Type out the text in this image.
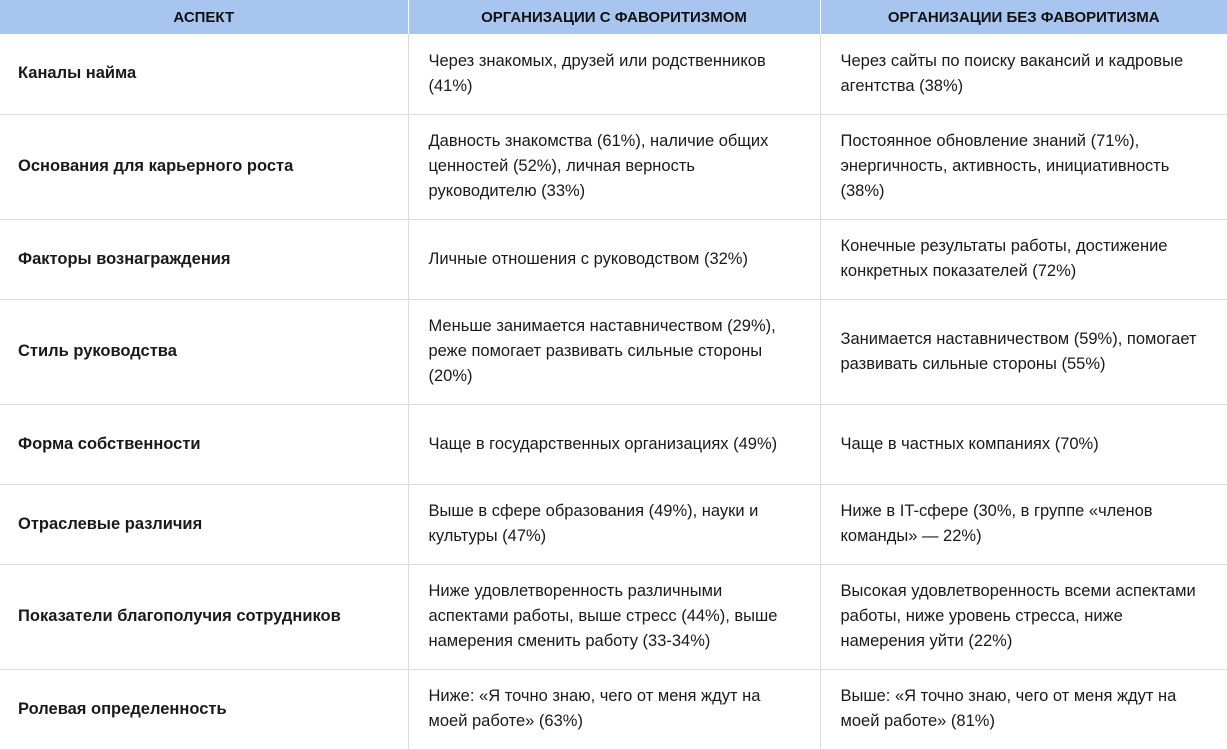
АСПЕКТ	ОРГАНИЗАЦИИ С ФАВОРИТИЗМОМ	ОРГАНИЗАЦИИ БЕЗ ФАВОРИТИЗМА
Каналы найма	Через знакомых, друзей или родственников (41%)	Через сайты по поиску вакансий и кадровые агентства (38%)
Основания для карьерного роста	Давность знакомства (61%), наличие общих ценностей (52%), личная верность руководителю (33%)	Постоянное обновление знаний (71%), энергичность, активность, инициативность (38%)
Факторы вознаграждения	Личные отношения с руководством (32%)	Конечные результаты работы, достижение конкретных показателей (72%)
Стиль руководства	Меньше занимается наставничеством (29%), реже помогает развивать сильные стороны (20%)	Занимается наставничеством (59%), помогает развивать сильные стороны (55%)
Форма собственности	Чаще в государственных организациях (49%)	Чаще в частных компаниях (70%)
Отраслевые различия	Выше в сфере образования (49%), науки и культуры (47%)	Ниже в IT-сфере (30%, в группе «членов команды» — 22%)
Показатели благополучия сотрудников	Ниже удовлетворенность различными аспектами работы, выше стресс (44%), выше намерения сменить работу (33-34%)	Высокая удовлетворенность всеми аспектами работы, ниже уровень стресса, ниже намерения уйти (22%)
Ролевая определенность	Ниже: «Я точно знаю, чего от меня ждут на моей работе» (63%)	Выше: «Я точно знаю, чего от меня ждут на моей работе» (81%)
